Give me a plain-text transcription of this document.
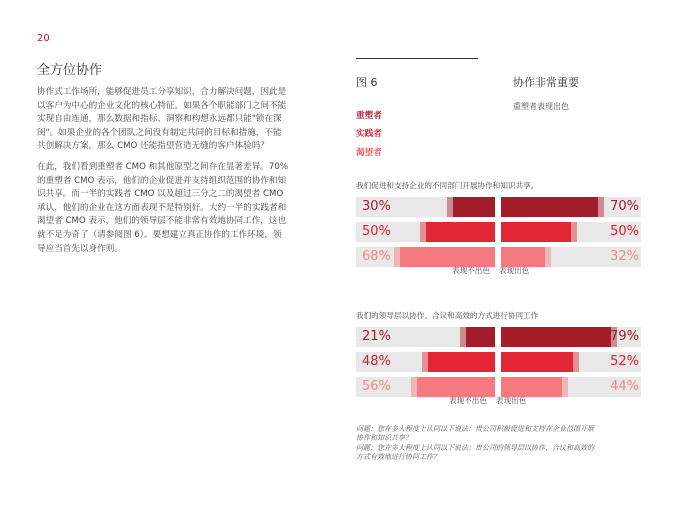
20
全方位协作
协作式工作场所，能够促进员工分享知识，合力解决问题，因此是
以客户为中心的企业文化的核心特征。如果各个职能部门之间不能
实现自由连通，那么数据和指标、洞察和构想永远都只能"锁在深
闺"。如果企业的各个团队之间没有制定共同的目标和措施，不能
共创解决方案，那么 CMO 还能指望营造无缝的客户体验吗？
在此，我们看到重塑者 CMO 和其他原型之间存在显著差异。70%
的重塑者 CMO 表示，他们的企业促进并支持组织范围的协作和知
识共享。而一半的实践者 CMO 以及超过三分之二的渴望者 CMO
承认，他们的企业在这方面表现不是特别好。大约一半的实践者和
渴望者 CMO 表示，他们的领导层不能非常有效地协同工作，这也
就不足为奇了（请参阅图 6）。要想建立真正协作的工作环境，领
导应当首先以身作则。
图 6	协作非常重要
重塑者表现出色
重塑者
实践者
渴望者
我们促进和支持企业的不同部门开展协作和知识共享。
30%	70%
50%	50%
68%	32%
表现不出色 表现出色
我们的领导层以协作、合议和高效的方式进行协同工作
21%	79%
48%	52%
56%	44%
表现不出色 表现出色
问题：您在多大程度上认同以下说法：贵公司积极促进和支持在企业范围开展
协作和知识共享？
问题：您在多大程度上认同以下说法：贵公司的领导层以协作、合议和高效的
方式有效地进行协同工作？
